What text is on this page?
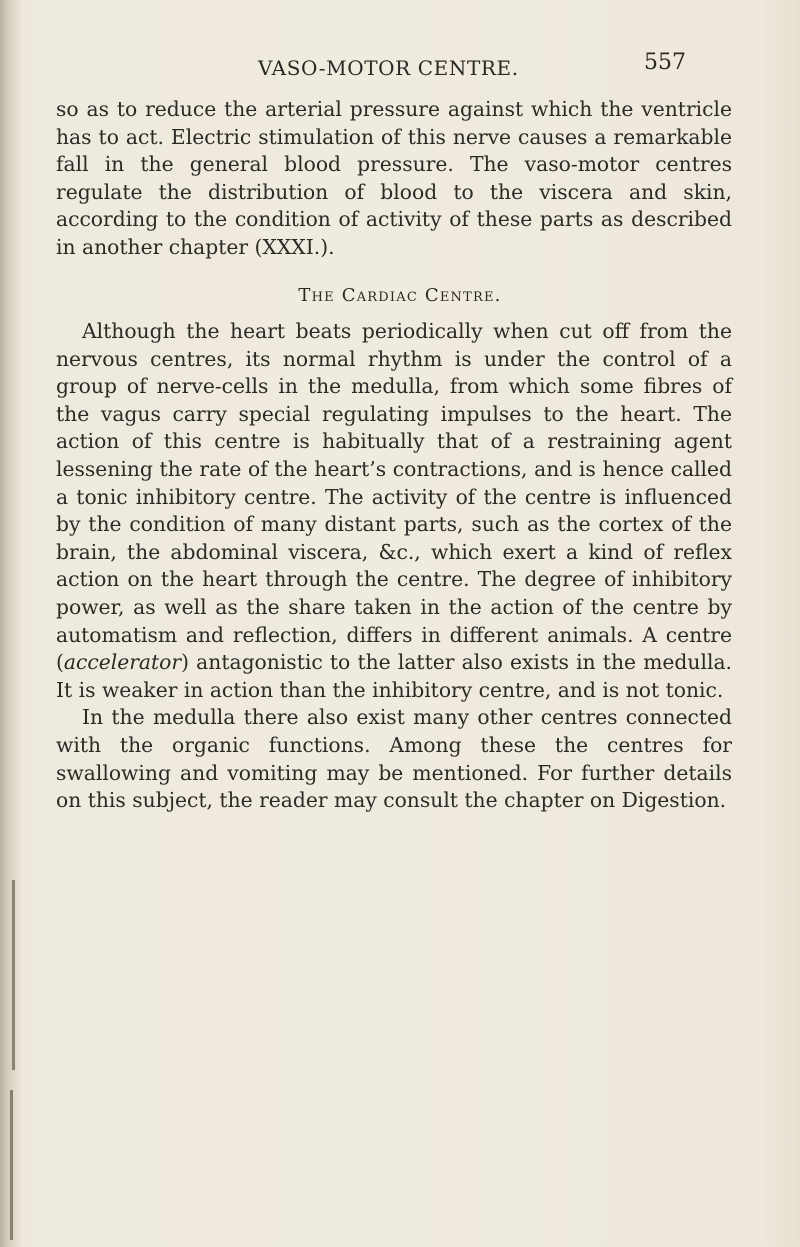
VASO-MOTOR CENTRE.	557

so as to reduce the arterial pressure against which the ventricle has to act. Electric stimulation of this nerve causes a remarkable fall in the general blood pressure. The vaso-motor centres regulate the distribution of blood to the viscera and skin, according to the condition of activity of these parts as described in another chapter (XXXI.).

The Cardiac Centre.

Although the heart beats periodically when cut off from the nervous centres, its normal rhythm is under the control of a group of nerve-cells in the medulla, from which some fibres of the vagus carry special regulating impulses to the heart. The action of this centre is habitually that of a restraining agent lessening the rate of the heart’s contractions, and is hence called a tonic inhibitory centre. The activity of the centre is influenced by the condition of many distant parts, such as the cortex of the brain, the abdominal viscera, &c., which exert a kind of reflex action on the heart through the centre. The degree of inhibitory power, as well as the share taken in the action of the centre by automatism and reflection, differs in different animals. A centre (accelerator) antagonistic to the latter also exists in the medulla. It is weaker in action than the inhibitory centre, and is not tonic.

In the medulla there also exist many other centres connected with the organic functions. Among these the centres for swallowing and vomiting may be mentioned. For further details on this subject, the reader may consult the chapter on Digestion.
